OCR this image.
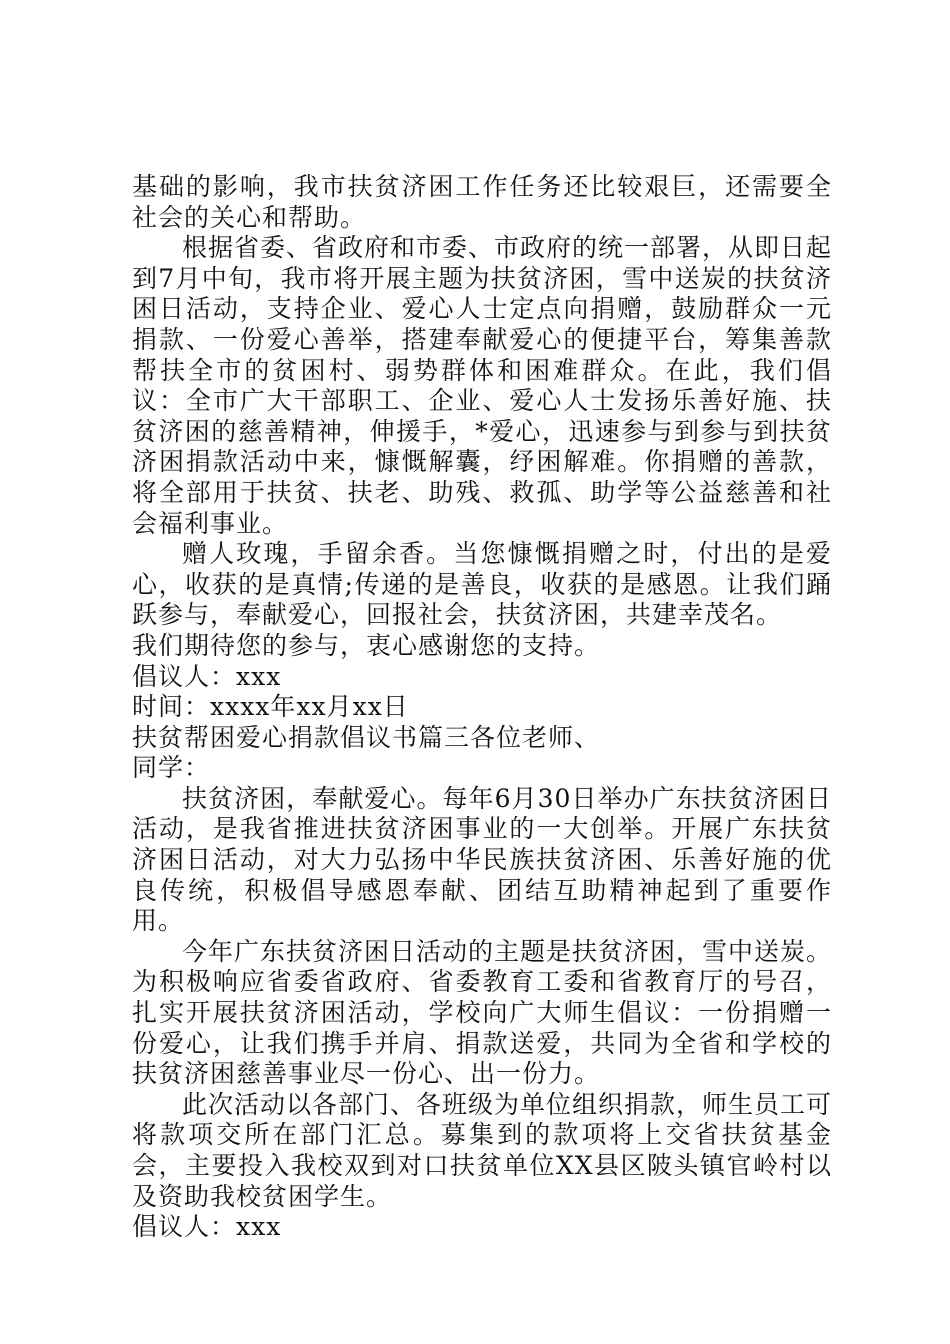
基础的影响，我市扶贫济困工作任务还比较艰巨，还需要全社会的关心和帮助。

根据省委、省政府和市委、市政府的统一部署，从即日起到7月中旬，我市将开展主题为扶贫济困，雪中送炭的扶贫济困日活动，支持企业、爱心人士定点向捐赠，鼓励群众一元捐款、一份爱心善举，搭建奉献爱心的便捷平台，筹集善款帮扶全市的贫困村、弱势群体和困难群众。在此，我们倡议：全市广大干部职工、企业、爱心人士发扬乐善好施、扶贫济困的慈善精神，伸援手，*爱心，迅速参与到参与到扶贫济困捐款活动中来，慷慨解囊，纾困解难。你捐赠的善款，将全部用于扶贫、扶老、助残、救孤、助学等公益慈善和社会福利事业。

赠人玫瑰，手留余香。当您慷慨捐赠之时，付出的是爱心，收获的是真情;传递的是善良，收获的是感恩。让我们踊跃参与，奉献爱心，回报社会，扶贫济困，共建幸茂名。

我们期待您的参与，衷心感谢您的支持。

倡议人：xxx

时间：xxxx年xx月xx日

扶贫帮困爱心捐款倡议书篇三各位老师、

同学：

扶贫济困，奉献爱心。每年6月30日举办广东扶贫济困日活动，是我省推进扶贫济困事业的一大创举。开展广东扶贫济困日活动，对大力弘扬中华民族扶贫济困、乐善好施的优良传统，积极倡导感恩奉献、团结互助精神起到了重要作用。

今年广东扶贫济困日活动的主题是扶贫济困，雪中送炭。为积极响应省委省政府、省委教育工委和省教育厅的号召，扎实开展扶贫济困活动，学校向广大师生倡议：一份捐赠一份爱心，让我们携手并肩、捐款送爱，共同为全省和学校的扶贫济困慈善事业尽一份心、出一份力。

此次活动以各部门、各班级为单位组织捐款，师生员工可将款项交所在部门汇总。募集到的款项将上交省扶贫基金会，主要投入我校双到对口扶贫单位XX县区陂头镇官岭村以及资助我校贫困学生。

倡议人：xxx
